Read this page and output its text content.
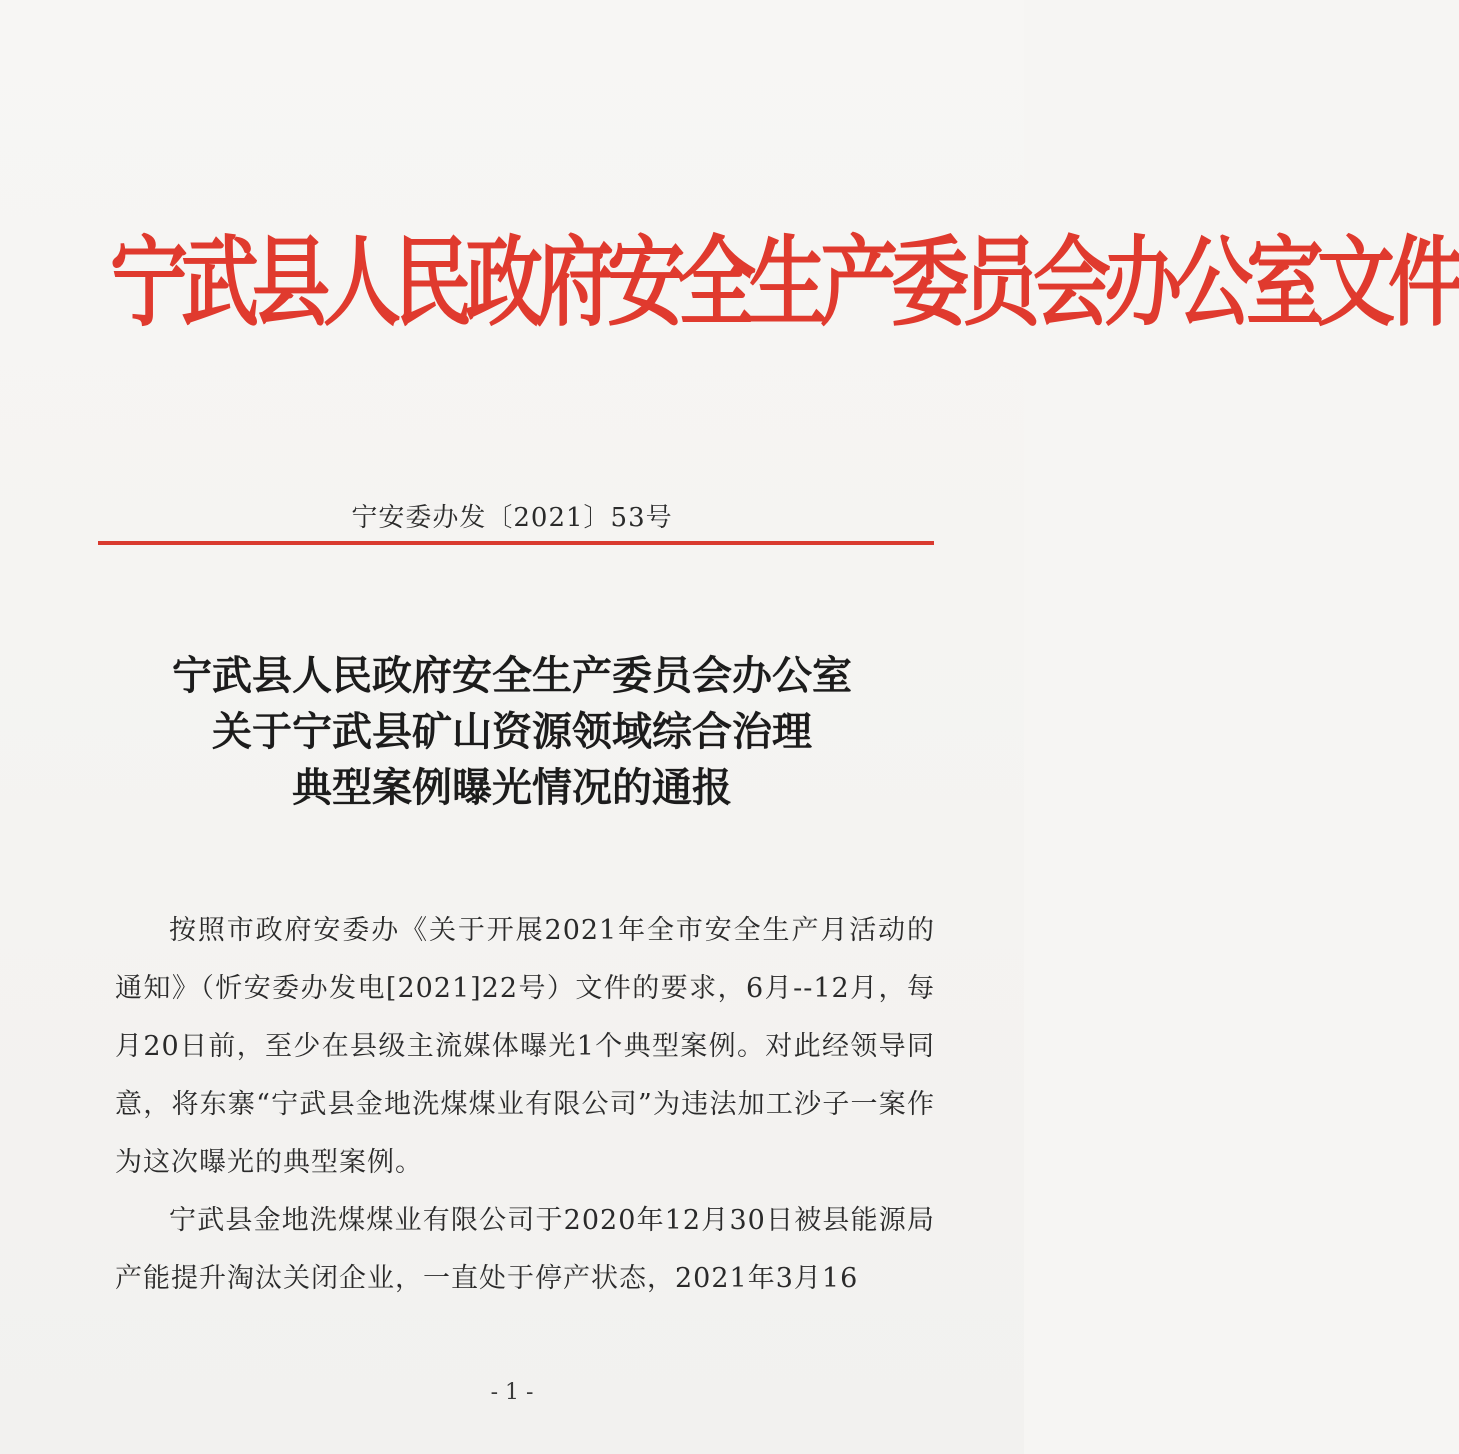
宁武县人民政府安全生产委员会办公室文件
宁安委办发〔2021〕53号
宁武县人民政府安全生产委员会办公室
关于宁武县矿山资源领域综合治理
典型案例曝光情况的通报

按照市政府安委办《关于开展2021年全市安全生产月活动的通知》（忻安委办发电[2021]22号）文件的要求，6月--12月，每月20日前，至少在县级主流媒体曝光1个典型案例。对此经领导同意，将东寨“宁武县金地洗煤煤业有限公司”为违法加工沙子一案作为这次曝光的典型案例。

宁武县金地洗煤煤业有限公司于2020年12月30日被县能源局产能提升淘汰关闭企业，一直处于停产状态，2021年3月16

- 1 -
